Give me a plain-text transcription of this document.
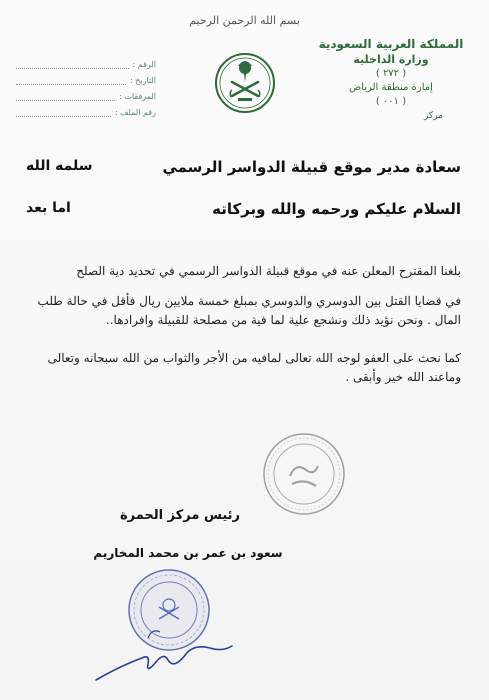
بسم الله الرحمن الرحيم
المملكة العربية السعودية
وزارة الداخلية
( ٢٧٢ )
إمارة منطقة الرياض
( ٠٠١ )
مركز
الرقم :
التاريخ :
المرفقات :
رقم الملف :
سعادة مدير موقع قبيلة الدواسر الرسمي
سلمه الله
السلام عليكم ورحمه والله وبركاته
اما بعد
بلغنا المقترح المعلن عنه في موقع قبيلة الدواسر الرسمي في تحديد دية الصلح
في قضايا القتل بين الدوسري والدوسري بمبلغ خمسة ملايين ريال فأقل في حالة طلب المال . ونحن نؤيد ذلك ونشجع علية لما فية من مصلحة للقبيلة وافرادها..
كما نحث على العفو لوجه الله تعالى لمافيه من الأجر والثواب من الله سبحانه وتعالى وماعند الله خير وأبقى .
رئيس مركز الحمرة
سعود بن عمر بن محمد المخاريم
